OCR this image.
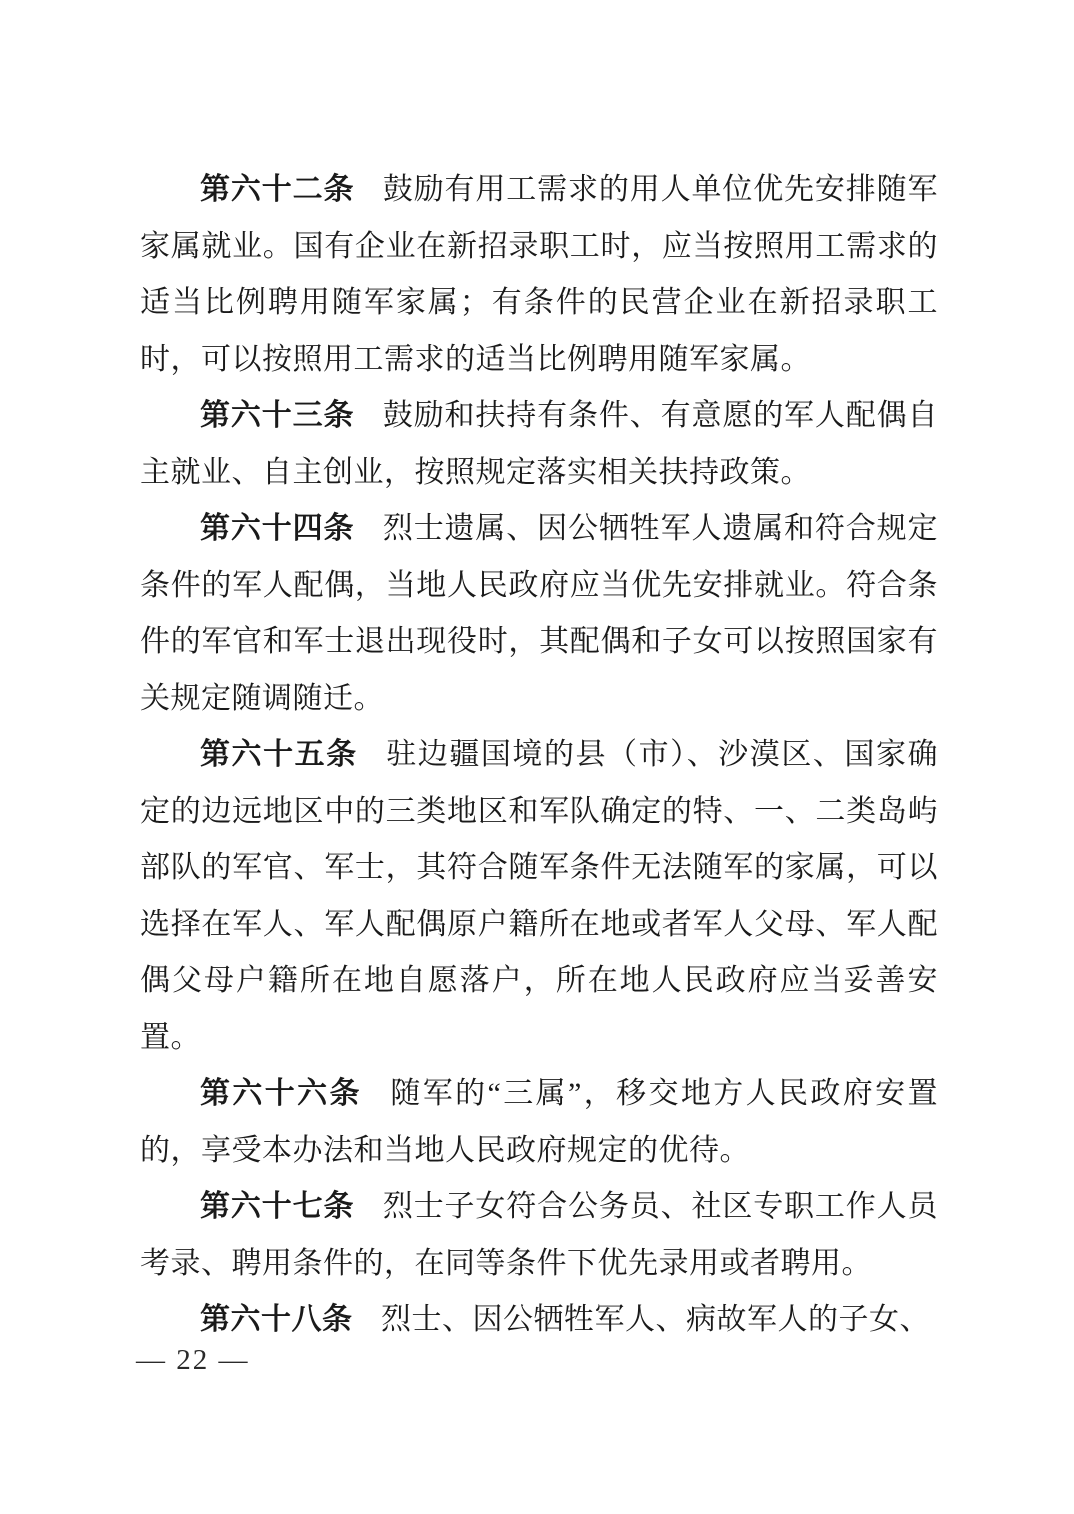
第六十二条 鼓励有用工需求的用人单位优先安排随军家属就业。国有企业在新招录职工时，应当按照用工需求的适当比例聘用随军家属；有条件的民营企业在新招录职工时，可以按照用工需求的适当比例聘用随军家属。

第六十三条 鼓励和扶持有条件、有意愿的军人配偶自主就业、自主创业，按照规定落实相关扶持政策。

第六十四条 烈士遗属、因公牺牲军人遗属和符合规定条件的军人配偶，当地人民政府应当优先安排就业。符合条件的军官和军士退出现役时，其配偶和子女可以按照国家有关规定随调随迁。

第六十五条 驻边疆国境的县（市）、沙漠区、国家确定的边远地区中的三类地区和军队确定的特、一、二类岛屿部队的军官、军士，其符合随军条件无法随军的家属，可以选择在军人、军人配偶原户籍所在地或者军人父母、军人配偶父母户籍所在地自愿落户，所在地人民政府应当妥善安置。

第六十六条 随军的“三属”，移交地方人民政府安置的，享受本办法和当地人民政府规定的优待。

第六十七条 烈士子女符合公务员、社区专职工作人员考录、聘用条件的，在同等条件下优先录用或者聘用。

第六十八条 烈士、因公牺牲军人、病故军人的子女、

— 22 —
